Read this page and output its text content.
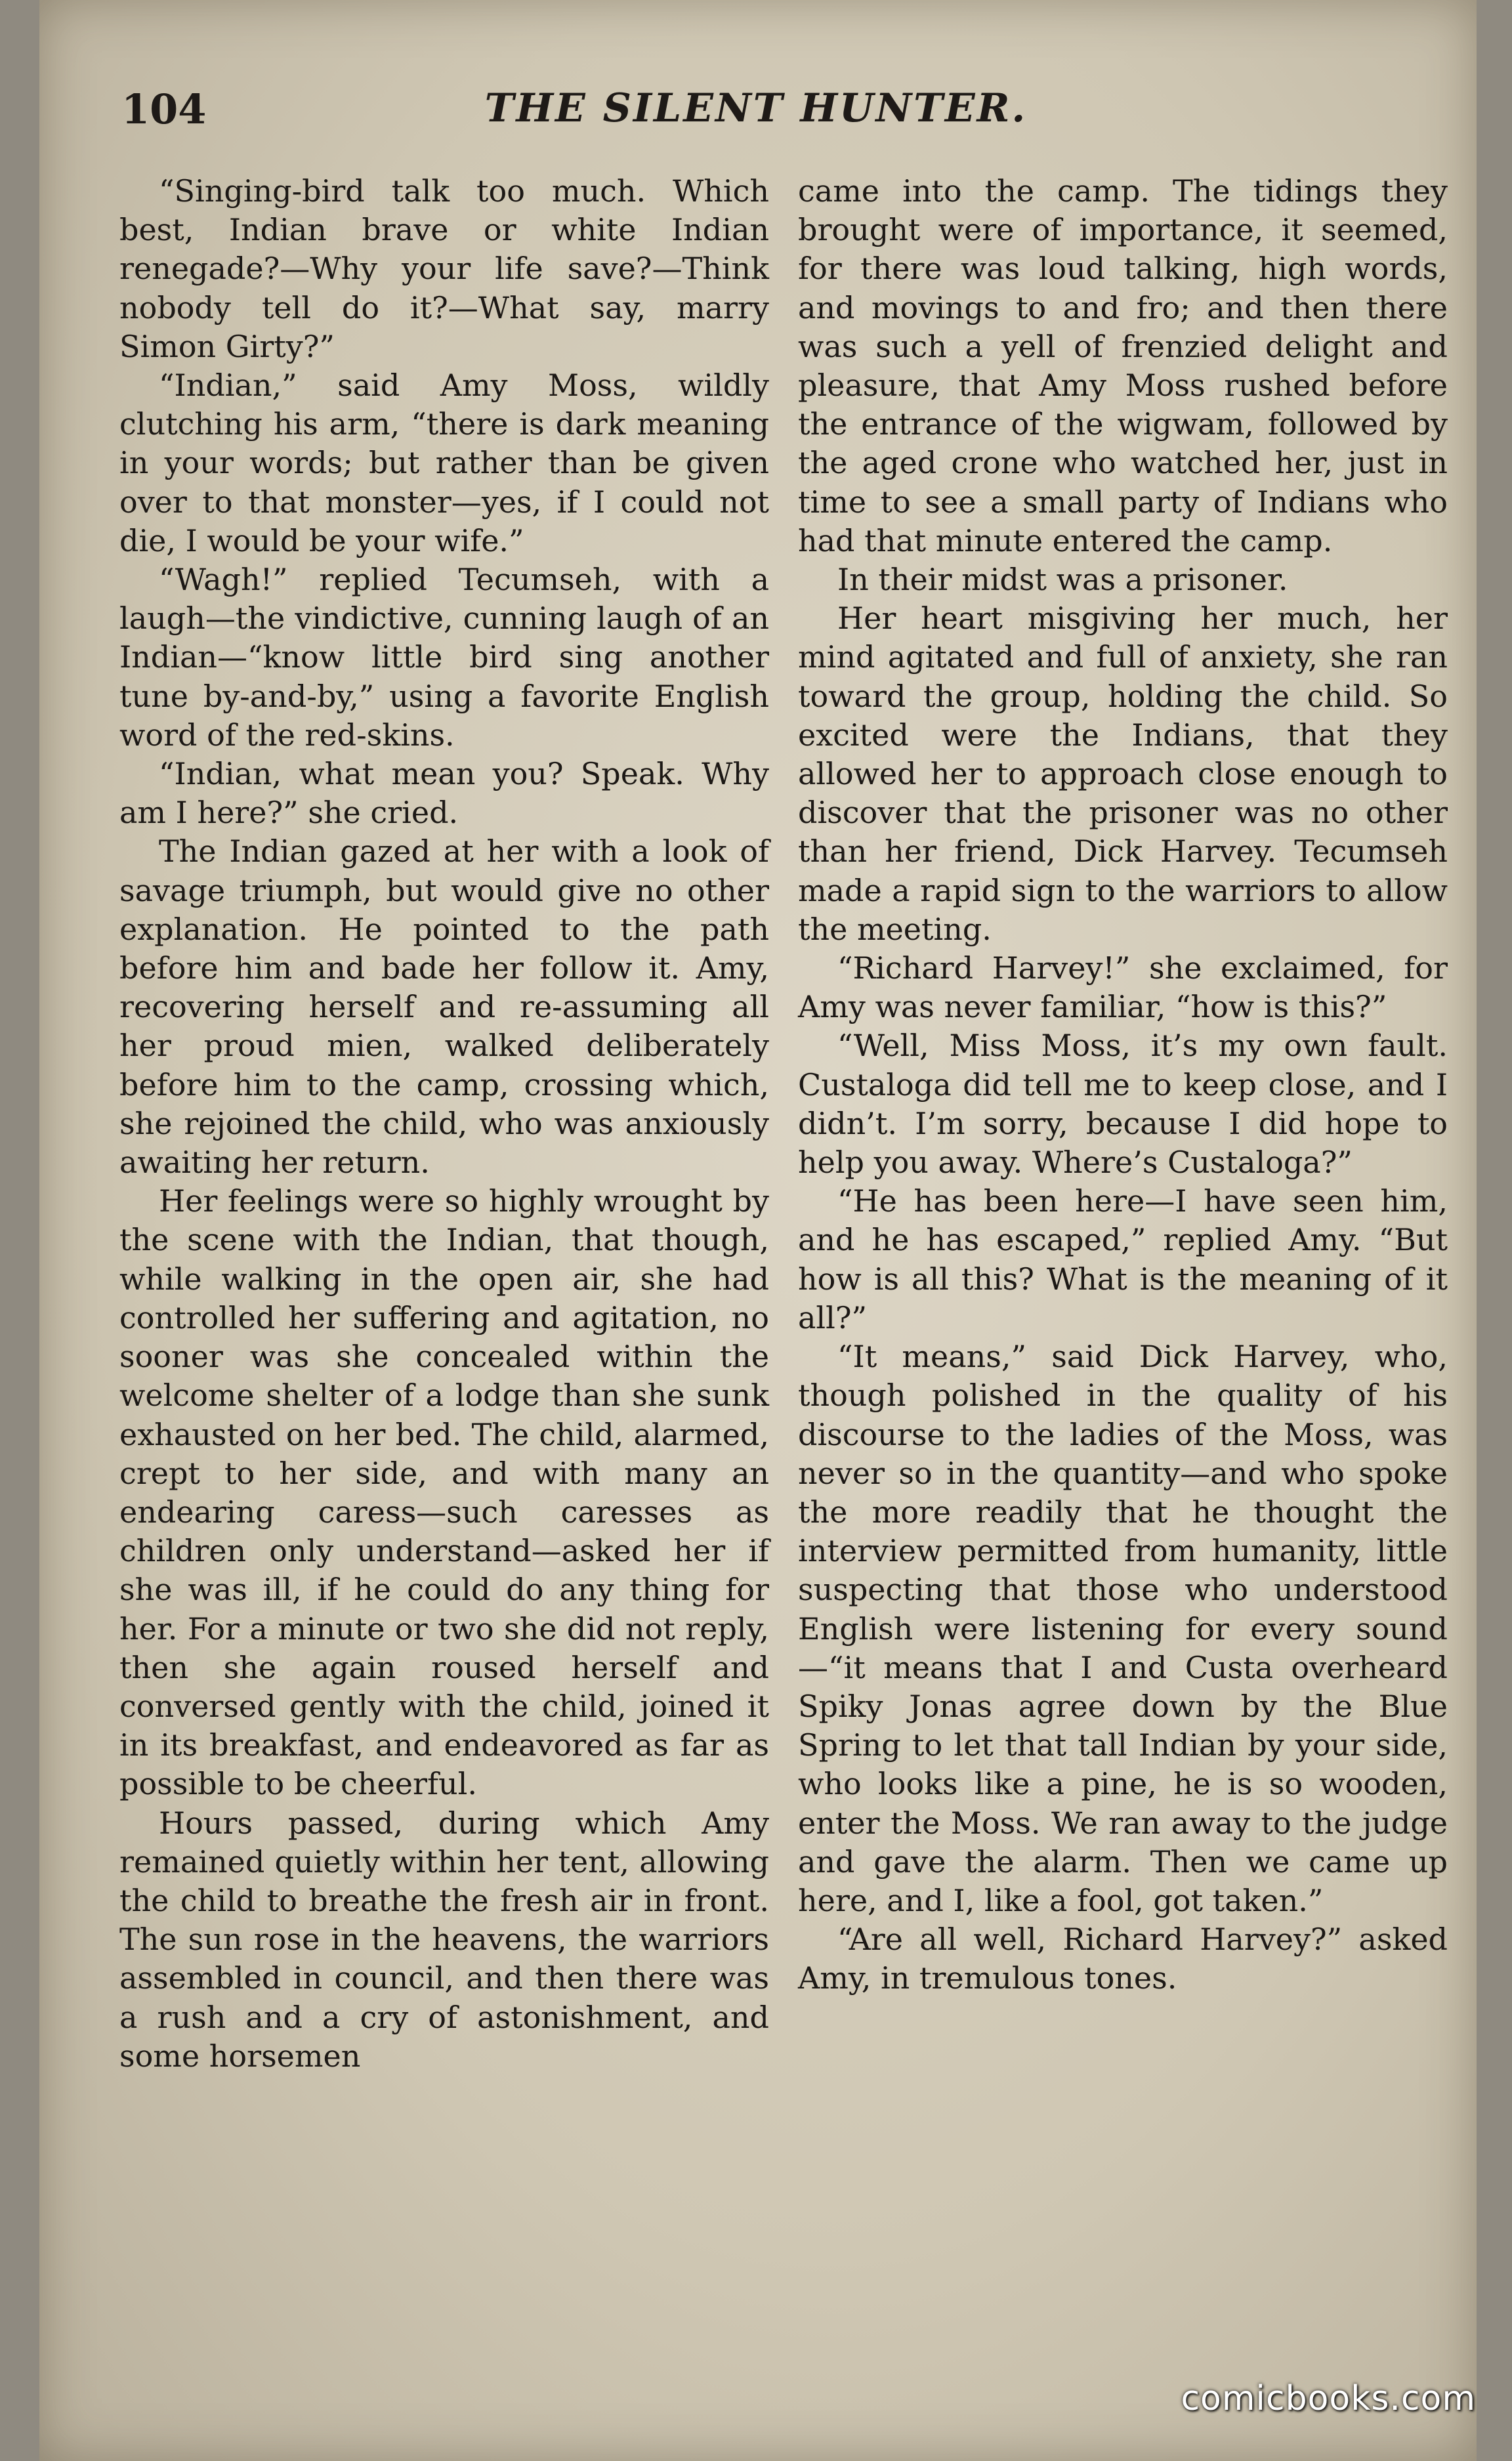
104	THE SILENT HUNTER.

“Singing-bird talk too much. Which best, Indian brave or white Indian renegade?—Why your life save?—Think nobody tell do it?—What say, marry Simon Girty?”

“Indian,” said Amy Moss, wildly clutching his arm, “there is dark meaning in your words; but rather than be given over to that monster—yes, if I could not die, I would be your wife.”

“Wagh!” replied Tecumseh, with a laugh—the vindictive, cunning laugh of an Indian—“know little bird sing another tune by-and-by,” using a favorite English word of the red-skins.

“Indian, what mean you? Speak. Why am I here?” she cried.

The Indian gazed at her with a look of savage triumph, but would give no other explanation. He pointed to the path before him and bade her follow it. Amy, recovering herself and re-assuming all her proud mien, walked deliberately before him to the camp, crossing which, she rejoined the child, who was anxiously awaiting her return.

Her feelings were so highly wrought by the scene with the Indian, that though, while walking in the open air, she had controlled her suffering and agitation, no sooner was she concealed within the welcome shelter of a lodge than she sunk exhausted on her bed. The child, alarmed, crept to her side, and with many an endearing caress—such caresses as children only understand—asked her if she was ill, if he could do any thing for her. For a minute or two she did not reply, then she again roused herself and conversed gently with the child, joined it in its breakfast, and endeavored as far as possible to be cheerful.

Hours passed, during which Amy remained quietly within her tent, allowing the child to breathe the fresh air in front. The sun rose in the heavens, the warriors assembled in council, and then there was a rush and a cry of astonishment, and some horsemen

came into the camp. The tidings they brought were of importance, it seemed, for there was loud talking, high words, and movings to and fro; and then there was such a yell of frenzied delight and pleasure, that Amy Moss rushed before the entrance of the wigwam, followed by the aged crone who watched her, just in time to see a small party of Indians who had that minute entered the camp.

In their midst was a prisoner.

Her heart misgiving her much, her mind agitated and full of anxiety, she ran toward the group, holding the child. So excited were the Indians, that they allowed her to approach close enough to discover that the prisoner was no other than her friend, Dick Harvey. Tecumseh made a rapid sign to the warriors to allow the meeting.

“Richard Harvey!” she exclaimed, for Amy was never familiar, “how is this?”

“Well, Miss Moss, it’s my own fault. Custaloga did tell me to keep close, and I didn’t. I’m sorry, because I did hope to help you away. Where’s Custaloga?”

“He has been here—I have seen him, and he has escaped,” replied Amy. “But how is all this? What is the meaning of it all?”

“It means,” said Dick Harvey, who, though polished in the quality of his discourse to the ladies of the Moss, was never so in the quantity—and who spoke the more readily that he thought the interview permitted from humanity, little suspecting that those who understood English were listening for every sound—“it means that I and Custa overheard Spiky Jonas agree down by the Blue Spring to let that tall Indian by your side, who looks like a pine, he is so wooden, enter the Moss. We ran away to the judge and gave the alarm. Then we came up here, and I, like a fool, got taken.”

“Are all well, Richard Harvey?” asked Amy, in tremulous tones.

comicbooks.com
